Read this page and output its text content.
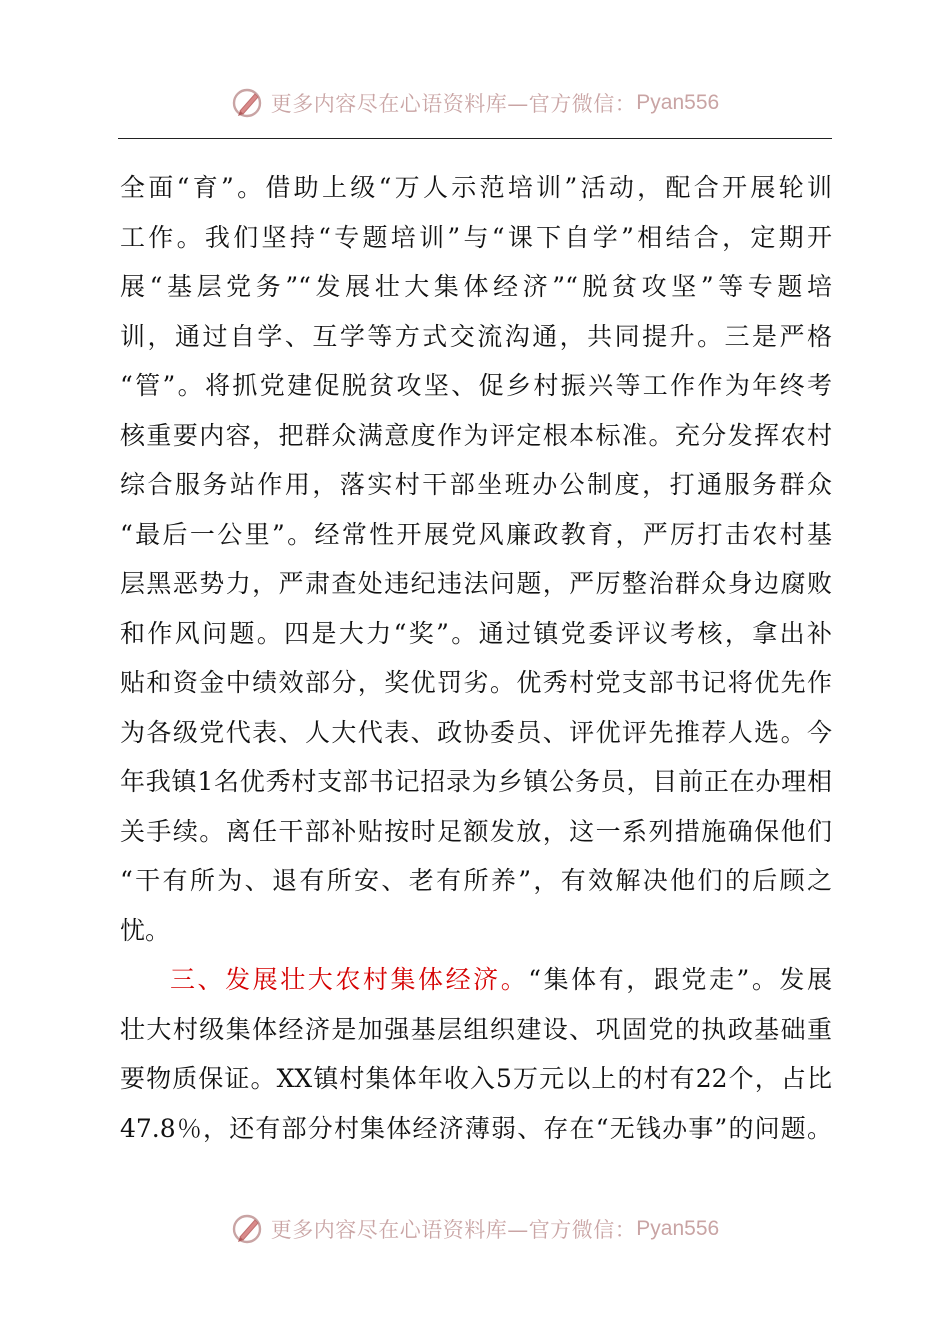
更多内容尽在心语资料库—官方微信： Pyan556
全面“育”。借助上级“万人示范培训”活动，配合开展轮训
工作。我们坚持“专题培训”与“课下自学”相结合，定期开
展“基层党务”“发展壮大集体经济”“脱贫攻坚”等专题培
训，通过自学、互学等方式交流沟通，共同提升。三是严格
“管”。将抓党建促脱贫攻坚、促乡村振兴等工作作为年终考
核重要内容，把群众满意度作为评定根本标准。充分发挥农村
综合服务站作用，落实村干部坐班办公制度，打通服务群众
“最后一公里”。经常性开展党风廉政教育，严厉打击农村基
层黑恶势力，严肃查处违纪违法问题，严厉整治群众身边腐败
和作风问题。四是大力“奖”。通过镇党委评议考核，拿出补
贴和资金中绩效部分，奖优罚劣。优秀村党支部书记将优先作
为各级党代表、人大代表、政协委员、评优评先推荐人选。今
年我镇1名优秀村支部书记招录为乡镇公务员，目前正在办理相
关手续。离任干部补贴按时足额发放，这一系列措施确保他们
“干有所为、退有所安、老有所养”，有效解决他们的后顾之
忧。
三、发展壮大农村集体经济。“集体有，跟党走”。发展
壮大村级集体经济是加强基层组织建设、巩固党的执政基础重
要物质保证。XX镇村集体年收入5万元以上的村有22个，占比
47.8％，还有部分村集体经济薄弱、存在“无钱办事”的问题。
更多内容尽在心语资料库—官方微信： Pyan556
